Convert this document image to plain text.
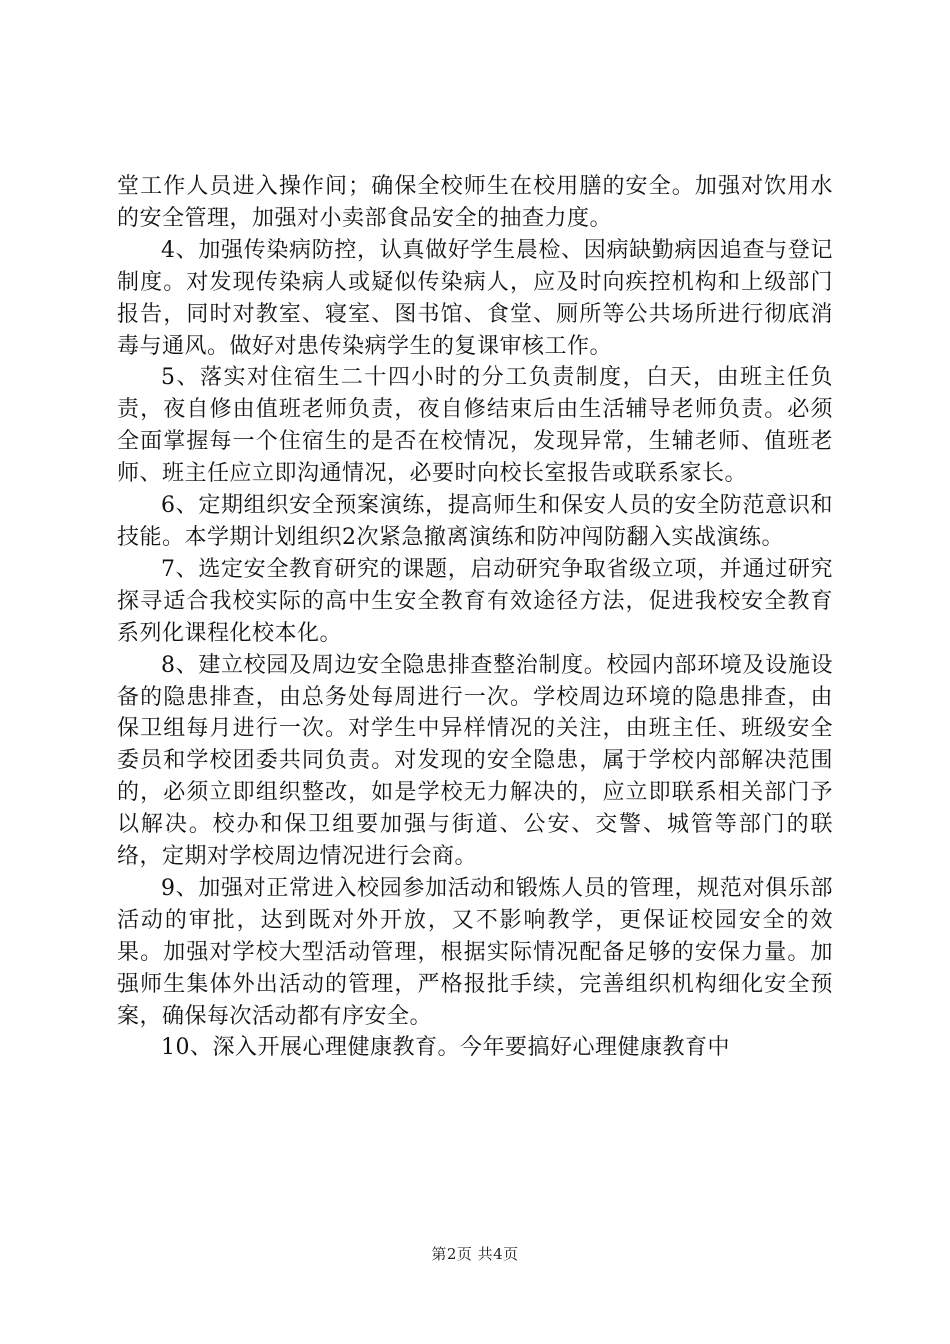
堂工作人员进入操作间；确保全校师生在校用膳的安全。加强对饮用水的安全管理，加强对小卖部食品安全的抽查力度。

4、加强传染病防控，认真做好学生晨检、因病缺勤病因追查与登记制度。对发现传染病人或疑似传染病人，应及时向疾控机构和上级部门报告，同时对教室、寝室、图书馆、食堂、厕所等公共场所进行彻底消毒与通风。做好对患传染病学生的复课审核工作。

5、落实对住宿生二十四小时的分工负责制度，白天，由班主任负责，夜自修由值班老师负责，夜自修结束后由生活辅导老师负责。必须全面掌握每一个住宿生的是否在校情况，发现异常，生辅老师、值班老师、班主任应立即沟通情况，必要时向校长室报告或联系家长。

6、定期组织安全预案演练，提高师生和保安人员的安全防范意识和技能。本学期计划组织2次紧急撤离演练和防冲闯防翻入实战演练。

7、选定安全教育研究的课题，启动研究争取省级立项，并通过研究探寻适合我校实际的高中生安全教育有效途径方法，促进我校安全教育系列化课程化校本化。

8、建立校园及周边安全隐患排查整治制度。校园内部环境及设施设备的隐患排查，由总务处每周进行一次。学校周边环境的隐患排查，由保卫组每月进行一次。对学生中异样情况的关注，由班主任、班级安全委员和学校团委共同负责。对发现的安全隐患，属于学校内部解决范围的，必须立即组织整改，如是学校无力解决的，应立即联系相关部门予以解决。校办和保卫组要加强与街道、公安、交警、城管等部门的联络，定期对学校周边情况进行会商。

9、加强对正常进入校园参加活动和锻炼人员的管理，规范对俱乐部活动的审批，达到既对外开放，又不影响教学，更保证校园安全的效果。加强对学校大型活动管理，根据实际情况配备足够的安保力量。加强师生集体外出活动的管理，严格报批手续，完善组织机构细化安全预案，确保每次活动都有序安全。

10、深入开展心理健康教育。今年要搞好心理健康教育中

第2页 共4页
